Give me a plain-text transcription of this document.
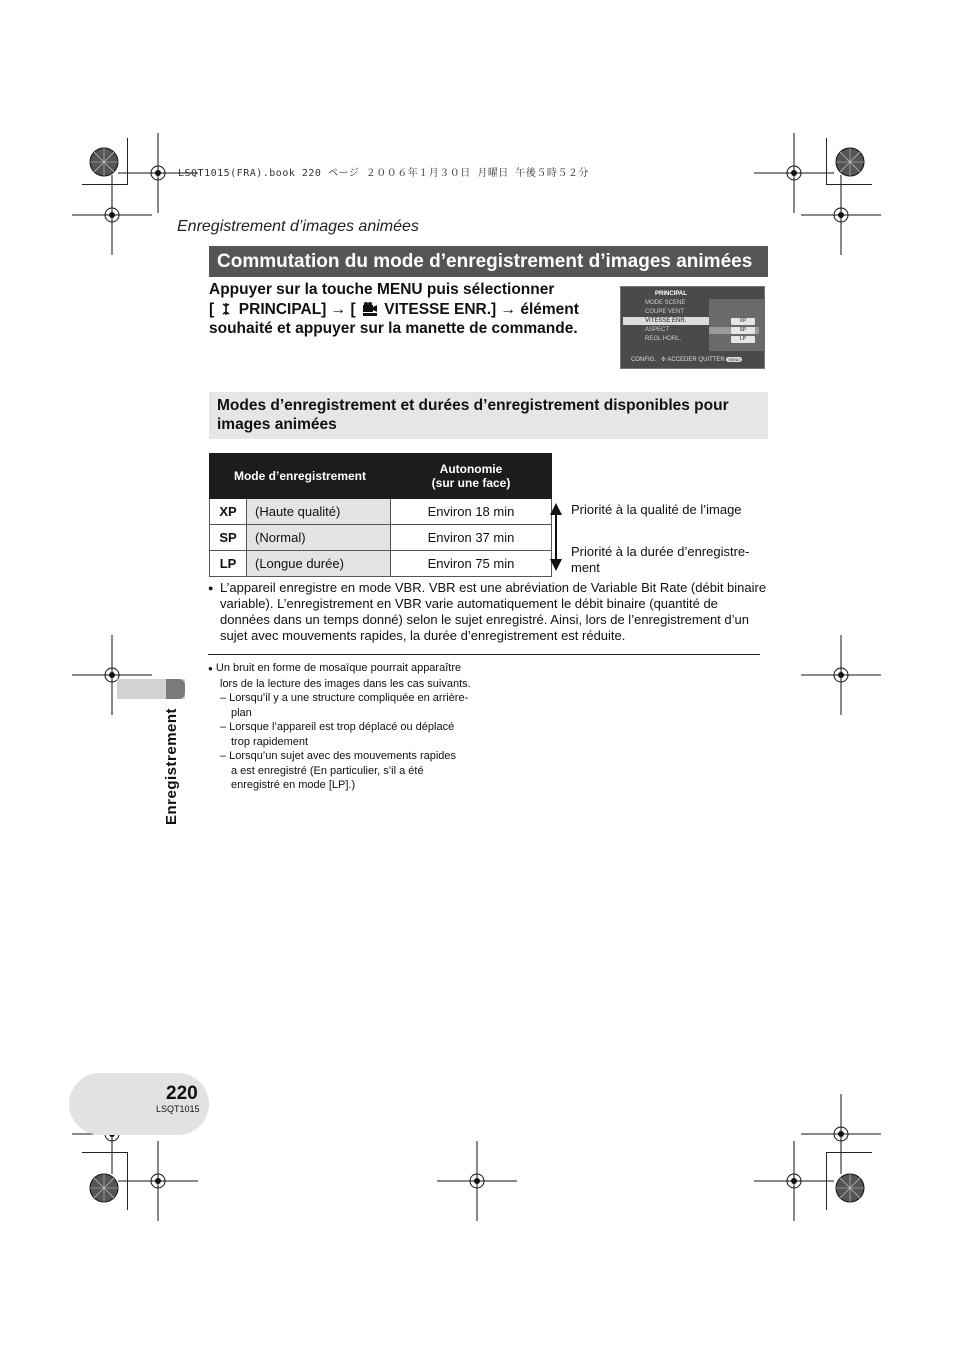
LSQT1015(FRA).book 220 ページ ２００６年１月３０日 月曜日 午後５時５２分
Enregistrement d’images animées
Commutation du mode d’enregistrement d’images animées
Appuyer sur la touche MENU puis sélectionner
[ PRINCIPAL] → [ VITESSE ENR.] → élément
souhaité et appuyer sur la manette de commande.
PRINCIPAL
MODE SCENE
COUPE VENT
VITESSE ENR.
ASPECT
REGL HORL.
XP
SP
LP
CONFIG. ✣ ACCEDER QUITTER MENU
Modes d’enregistrement et durées d’enregistrement disponibles pour images animées
Mode d’enregistrement		Autonomie
(sur une face)

XP	(Haute qualité)	Environ 18 min
SP	(Normal)	Environ 37 min
LP	(Longue durée)	Environ 75 min
Priorité à la qualité de l’image
Priorité à la durée d’enregistre-
ment
● L’appareil enregistre en mode VBR. VBR est une abréviation de Variable Bit Rate (débit binaire variable). L’enregistrement en VBR varie automatiquement le débit binaire (quantité de données dans un temps donné) selon le sujet enregistré. Ainsi, lors de l’enregistrement d’un sujet avec mouvements rapides, la durée d’enregistrement est réduite.
● Un bruit en forme de mosaïque pourrait apparaître
lors de la lecture des images dans les cas suivants.
– Lorsqu’il y a une structure compliquée en arrière-
plan
– Lorsque l’appareil est trop déplacé ou déplacé
trop rapidement
– Lorsqu’un sujet avec des mouvements rapides
a est enregistré (En particulier, s’il a été
enregistré en mode [LP].)
Enregistrement
220
LSQT1015
